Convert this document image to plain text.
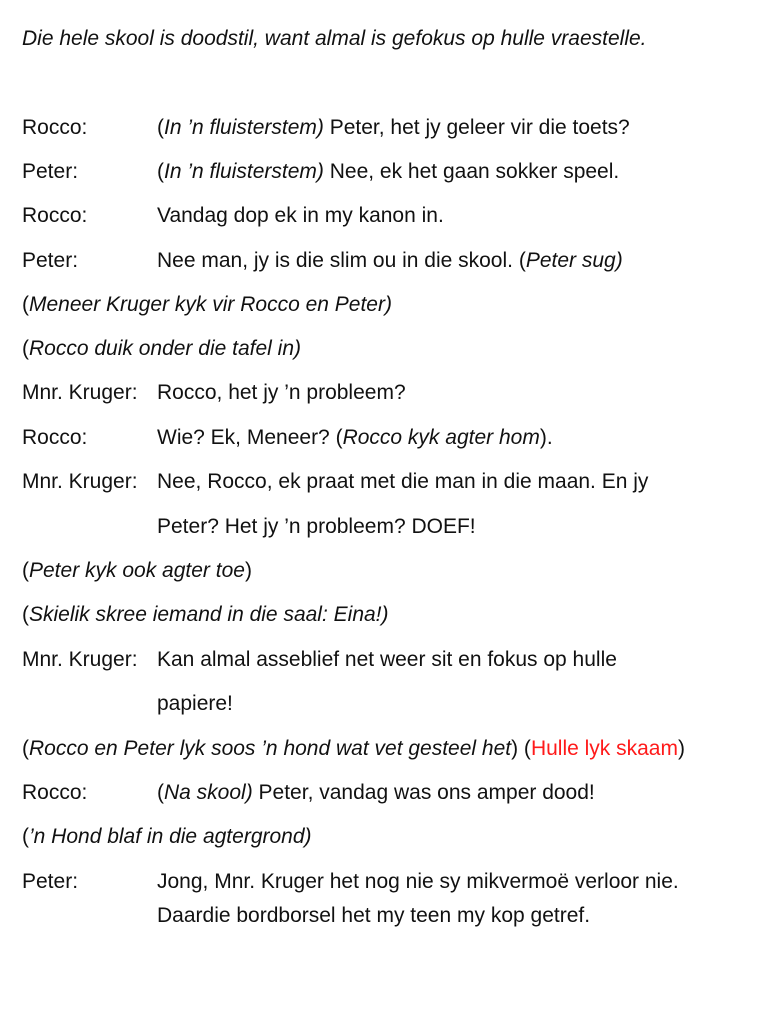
Die hele skool is doodstil, want almal is gefokus op hulle vraestelle.
Rocco:	(In ’n fluisterstem) Peter, het jy geleer vir die toets?
Peter:	(In ’n fluisterstem) Nee, ek het gaan sokker speel.
Rocco:	Vandag dop ek in my kanon in.
Peter:	Nee man, jy is die slim ou in die skool. (Peter sug)
(Meneer Kruger kyk vir Rocco en Peter)
(Rocco duik onder die tafel in)
Mnr. Kruger: Rocco, het jy ’n probleem?
Rocco:	Wie? Ek, Meneer? (Rocco kyk agter hom).
Mnr. Kruger: Nee, Rocco, ek praat met die man in die maan. En jy
Peter? Het jy ’n probleem? DOEF!
(Peter kyk ook agter toe)
(Skielik skree iemand in die saal: Eina!)
Mnr. Kruger: Kan almal asseblief net weer sit en fokus op hulle
papiere!
(Rocco en Peter lyk soos ’n hond wat vet gesteel het) (Hulle lyk skaam)
Rocco:	(Na skool) Peter, vandag was ons amper dood!
(’n Hond blaf in die agtergrond)
Peter:	Jong, Mnr. Kruger het nog nie sy mikvermoë verloor nie.
Daardie bordborsel het my teen my kop getref.
